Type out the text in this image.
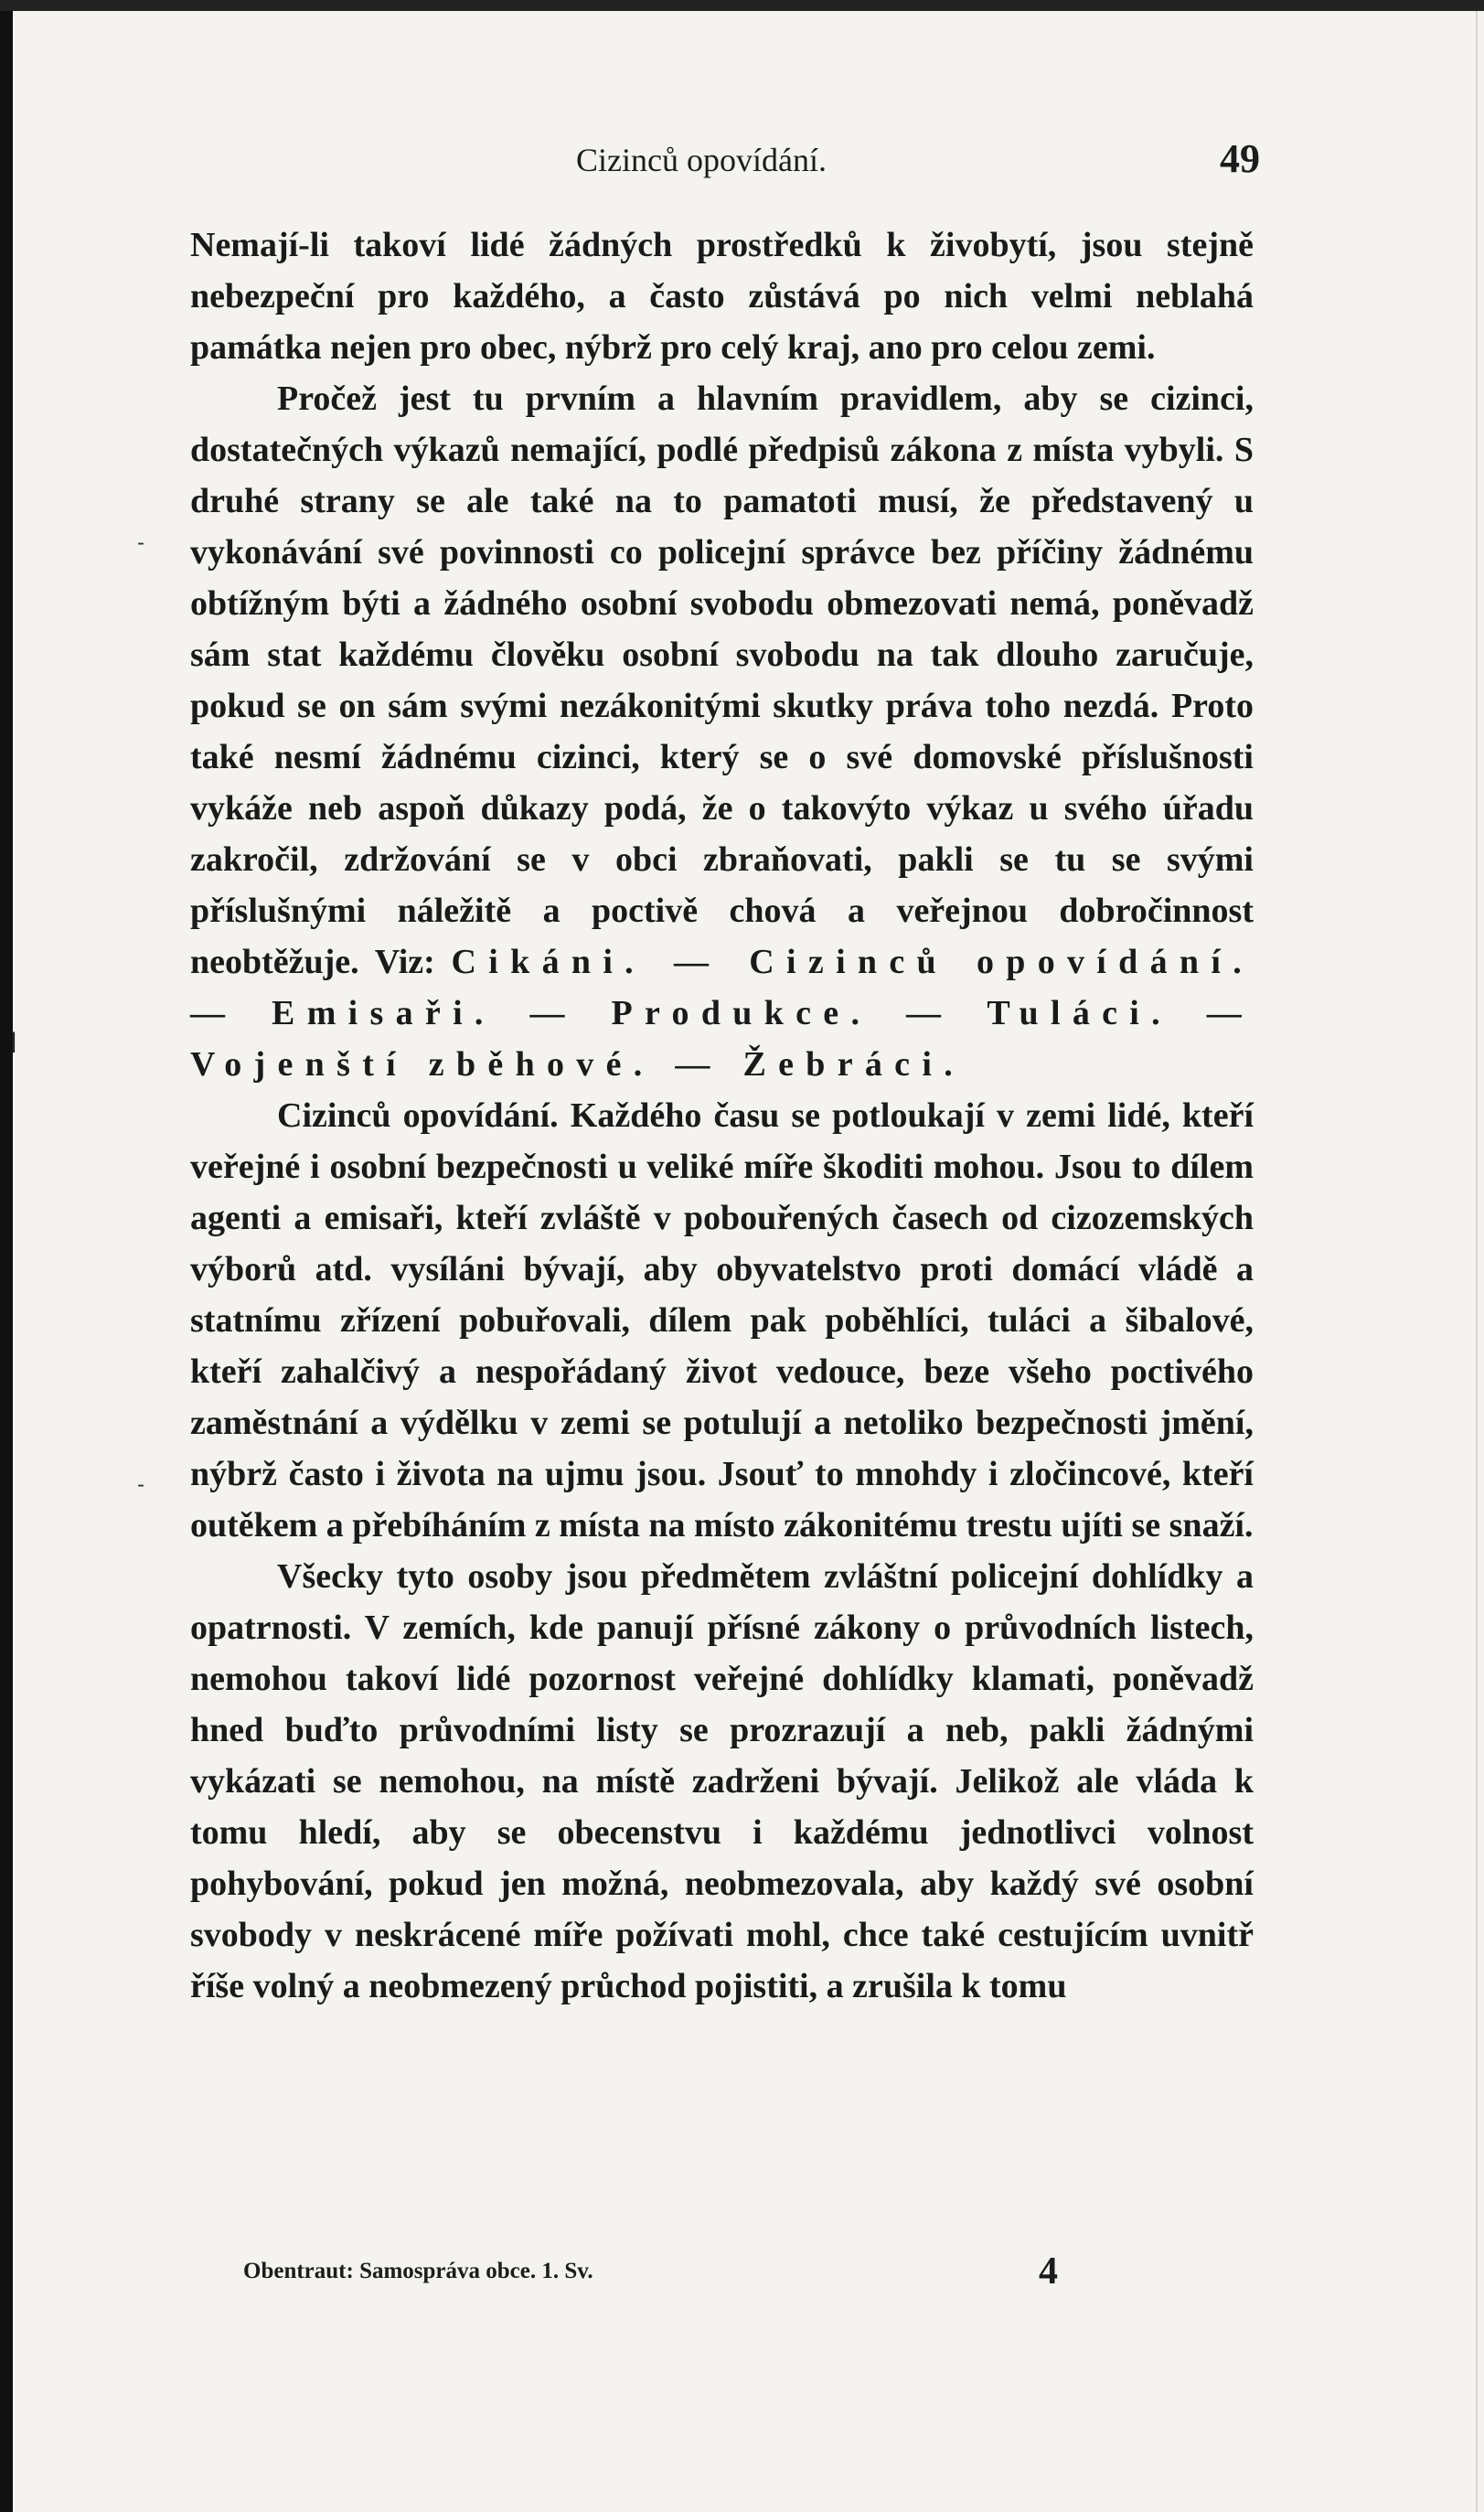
Cizinců opovídání.	49

Nemají-li takoví lidé žádných prostředků k živobytí, jsou stejně nebezpeční pro každého, a často zůstává po nich velmi neblahá památka nejen pro obec, nýbrž pro celý kraj, ano pro celou zemi.

Pročež jest tu prvním a hlavním pravidlem, aby se cizinci, dostatečných výkazů nemající, podlé předpisů zákona z místa vybyli. S druhé strany se ale také na to pamatoti musí, že představený u vykonávání své povinnosti co policejní správce bez příčiny žádnému obtížným býti a žádného osobní svobodu obmezovati nemá, poněvadž sám stat každému člověku osobní svobodu na tak dlouho zaručuje, pokud se on sám svými nezákonitými skutky práva toho nezdá. Proto také nesmí žádnému cizinci, který se o své domovské příslušnosti vykáže neb aspoň důkazy podá, že o takovýto výkaz u svého úřadu zakročil, zdržování se v obci zbraňovati, pakli se tu se svými příslušnými náležitě a poctivě chová a veřejnou dobročinnost neobtěžuje. Viz: Cikáni. — Cizinců opovídání. — Emisaři. — Produkce. — Tuláci. — Vojenští zběhové. — Žebráci.

Cizinců opovídání. Každého času se potloukají v zemi lidé, kteří veřejné i osobní bezpečnosti u veliké míře škoditi mohou. Jsou to dílem agenti a emisaři, kteří zvláště v pobouřených časech od cizozemských výborů atd. vysíláni bývají, aby obyvatelstvo proti domácí vládě a statnímu zřízení pobuřovali, dílem pak poběhlíci, tuláci a šibalové, kteří zahalčivý a nespořádaný život vedouce, beze všeho poctivého zaměstnání a výdělku v zemi se potulují a netoliko bezpečnosti jmění, nýbrž často i života na ujmu jsou. Jsouť to mnohdy i zločincové, kteří outěkem a přebíháním z místa na místo zákonitému trestu ujíti se snaží.

Všecky tyto osoby jsou předmětem zvláštní policejní dohlídky a opatrnosti. V zemích, kde panují přísné zákony o průvodních listech, nemohou takoví lidé pozornost veřejné dohlídky klamati, poněvadž hned buďto průvodními listy se prozrazují a neb, pakli žádnými vykázati se nemohou, na místě zadrženi bývají. Jelikož ale vláda k tomu hledí, aby se obecenstvu i každému jednotlivci volnost pohybování, pokud jen možná, neobmezovala, aby každý své osobní svobody v neskrácené míře požívati mohl, chce také cestujícím uvnitř říše volný a neobmezený průchod pojistiti, a zrušila k tomu

Obentraut: Samospráva obce. 1. Sv.	4
-
-
|
